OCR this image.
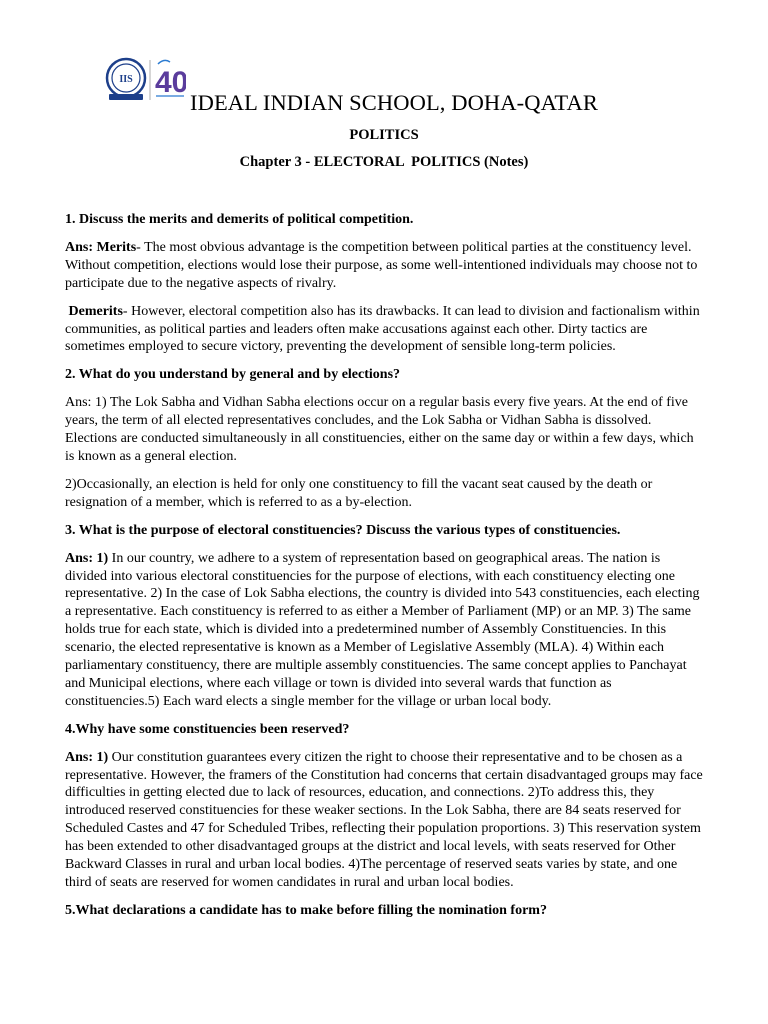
IIS 40
IDEAL INDIAN SCHOOL, DOHA-QATAR
POLITICS
Chapter 3 - ELECTORAL  POLITICS (Notes)
1. Discuss the merits and demerits of political competition.
Ans: Merits- The most obvious advantage is the competition between political parties at the constituency level. Without competition, elections would lose their purpose, as some well-intentioned individuals may choose not to participate due to the negative aspects of rivalry.
Demerits- However, electoral competition also has its drawbacks. It can lead to division and factionalism within communities, as political parties and leaders often make accusations against each other. Dirty tactics are sometimes employed to secure victory, preventing the development of sensible long-term policies.
2. What do you understand by general and by elections?
Ans: 1) The Lok Sabha and Vidhan Sabha elections occur on a regular basis every five years. At the end of five years, the term of all elected representatives concludes, and the Lok Sabha or Vidhan Sabha is dissolved. Elections are conducted simultaneously in all constituencies, either on the same day or within a few days, which is known as a general election.
2)Occasionally, an election is held for only one constituency to fill the vacant seat caused by the death or resignation of a member, which is referred to as a by-election.
3. What is the purpose of electoral constituencies? Discuss the various types of constituencies.
Ans: 1) In our country, we adhere to a system of representation based on geographical areas. The nation is divided into various electoral constituencies for the purpose of elections, with each constituency electing one representative. 2) In the case of Lok Sabha elections, the country is divided into 543 constituencies, each electing a representative. Each constituency is referred to as either a Member of Parliament (MP) or an MP. 3) The same holds true for each state, which is divided into a predetermined number of Assembly Constituencies. In this scenario, the elected representative is known as a Member of Legislative Assembly (MLA). 4) Within each parliamentary constituency, there are multiple assembly constituencies. The same concept applies to Panchayat and Municipal elections, where each village or town is divided into several wards that function as constituencies.5) Each ward elects a single member for the village or urban local body.
4.Why have some constituencies been reserved?
Ans: 1) Our constitution guarantees every citizen the right to choose their representative and to be chosen as a representative. However, the framers of the Constitution had concerns that certain disadvantaged groups may face difficulties in getting elected due to lack of resources, education, and connections. 2)To address this, they introduced reserved constituencies for these weaker sections. In the Lok Sabha, there are 84 seats reserved for Scheduled Castes and 47 for Scheduled Tribes, reflecting their population proportions. 3) This reservation system has been extended to other disadvantaged groups at the district and local levels, with seats reserved for Other Backward Classes in rural and urban local bodies. 4)The percentage of reserved seats varies by state, and one third of seats are reserved for women candidates in rural and urban local bodies.
5.What declarations a candidate has to make before filling the nomination form?
